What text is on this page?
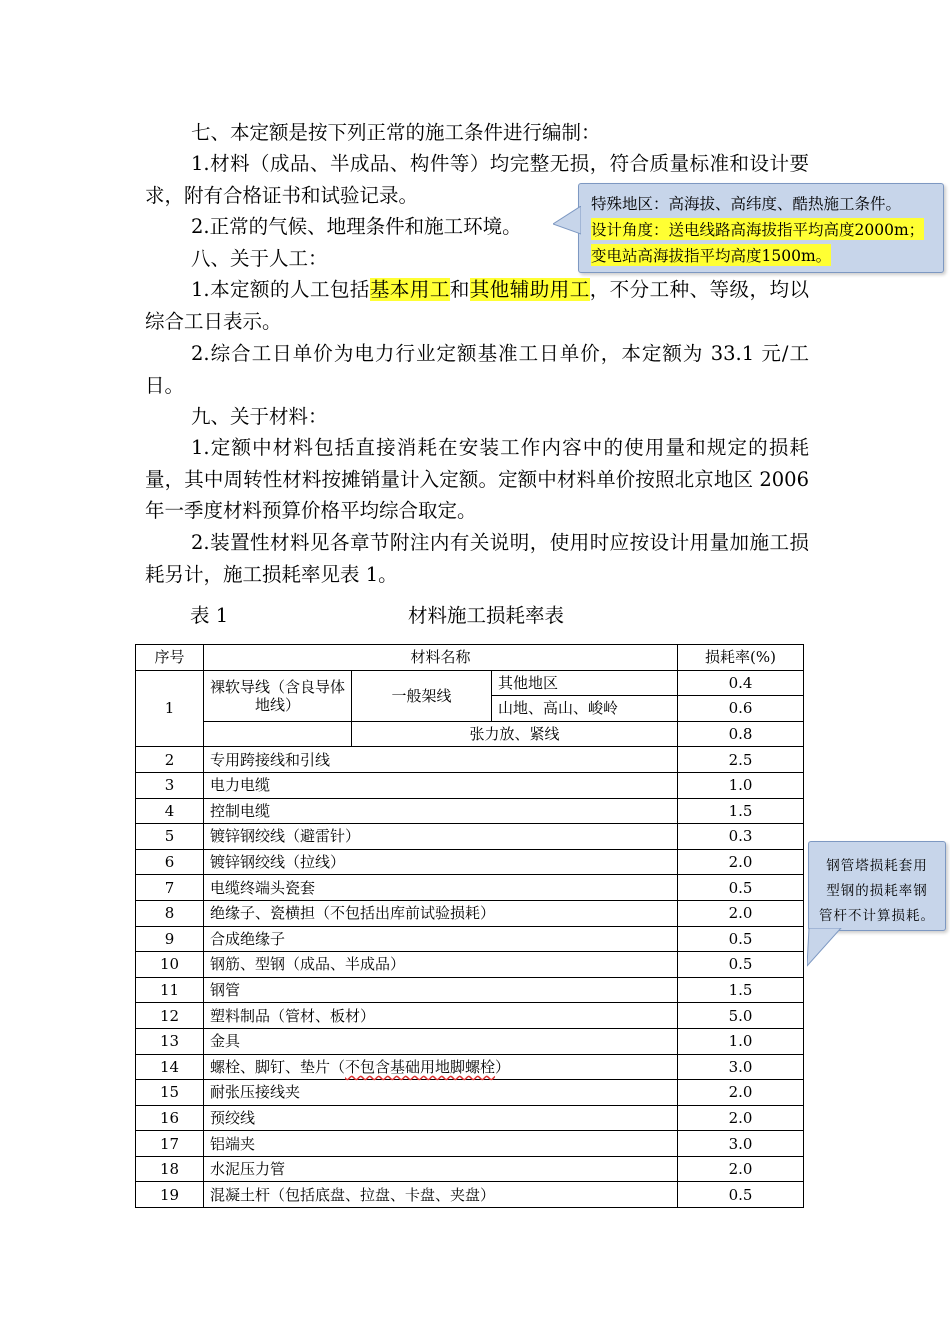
七、本定额是按下列正常的施工条件进行编制：

1.材料（成品、半成品、构件等）均完整无损，符合质量标准和设计要求，附有合格证书和试验记录。

2.正常的气候、地理条件和施工环境。

八、关于人工：

1.本定额的人工包括基本用工和其他辅助用工，不分工种、等级，均以综合工日表示。

2.综合工日单价为电力行业定额基准工日单价，本定额为 33.1 元/工日。

九、关于材料：

1.定额中材料包括直接消耗在安装工作内容中的使用量和规定的损耗量，其中周转性材料按摊销量计入定额。定额中材料单价按照北京地区 2006 年一季度材料预算价格平均综合取定。

2.装置性材料见各章节附注内有关说明，使用时应按设计用量加施工损耗另计，施工损耗率见表 1。

表 1	材料施工损耗率表
序号	材料名称			损耗率(%)
1	裸软导线（含良导体地线）	一般架线	其他地区	0.4
			山地、高山、峻岭	0.6
		张力放、紧线		0.8
2	专用跨接线和引线			2.5
3	电力电缆			1.0
4	控制电缆			1.5
5	镀锌钢绞线（避雷针）			0.3
6	镀锌钢绞线（拉线）			2.0
7	电缆终端头瓷套			0.5
8	绝缘子、瓷横担（不包括出库前试验损耗）			2.0
9	合成绝缘子			0.5
10	钢筋、型钢（成品、半成品）			0.5
11	钢管			1.5
12	塑料制品（管材、板材）			5.0
13	金具			1.0
14	螺栓、脚钉、垫片（不包含基础用地脚螺栓）			3.0
15	耐张压接线夹			2.0
16	预绞线			2.0
17	铝端夹			3.0
18	水泥压力管			2.0
19	混凝土杆（包括底盘、拉盘、卡盘、夹盘）			0.5
特殊地区：高海拔、高纬度、酷热施工条件。
设计角度：送电线路高海拔指平均高度2000m；
变电站高海拔指平均高度1500m。
钢管塔损耗套用
型钢的损耗率钢
管杆不计算损耗。
